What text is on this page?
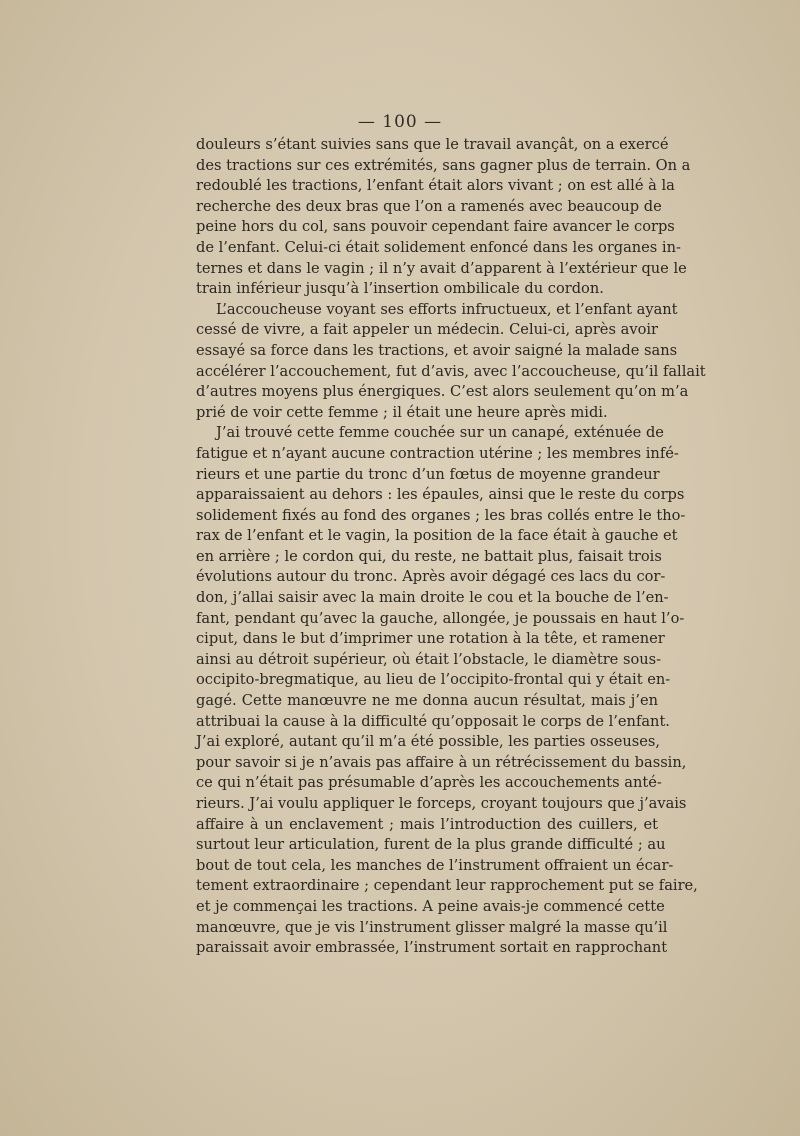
— 100 —
douleurs s’étant suivies sans que le travail avançât, on a exercé
des tractions sur ces extrémités, sans gagner plus de terrain. On a
redoublé les tractions, l’enfant était alors vivant ; on est allé à la
recherche des deux bras que l’on a ramenés avec beaucoup de
peine hors du col, sans pouvoir cependant faire avancer le corps
de l’enfant. Celui-ci était solidement enfoncé dans les organes in-
ternes et dans le vagin ; il n’y avait d’apparent à l’extérieur que le
train inférieur jusqu’à l’insertion ombilicale du cordon.
L’accoucheuse voyant ses efforts infructueux, et l’enfant ayant
cessé de vivre, a fait appeler un médecin. Celui-ci, après avoir
essayé sa force dans les tractions, et avoir saigné la malade sans
accélérer l’accouchement, fut d’avis, avec l’accoucheuse, qu’il fallait
d’autres moyens plus énergiques. C’est alors seulement qu’on m’a
prié de voir cette femme ; il était une heure après midi.
J’ai trouvé cette femme couchée sur un canapé, exténuée de
fatigue et n’ayant aucune contraction utérine ; les membres infé-
rieurs et une partie du tronc d’un fœtus de moyenne grandeur
apparaissaient au dehors : les épaules, ainsi que le reste du corps
solidement fixés au fond des organes ; les bras collés entre le tho-
rax de l’enfant et le vagin, la position de la face était à gauche et
en arrière ; le cordon qui, du reste, ne battait plus, faisait trois
évolutions autour du tronc. Après avoir dégagé ces lacs du cor-
don, j’allai saisir avec la main droite le cou et la bouche de l’en-
fant, pendant qu’avec la gauche, allongée, je poussais en haut l’o-
ciput, dans le but d’imprimer une rotation à la tête, et ramener
ainsi au détroit supérieur, où était l’obstacle, le diamètre sous-
occipito-bregmatique, au lieu de l’occipito-frontal qui y était en-
gagé. Cette manœuvre ne me donna aucun résultat, mais j’en
attribuai la cause à la difficulté qu’opposait le corps de l’enfant.
J’ai exploré, autant qu’il m’a été possible, les parties osseuses,
pour savoir si je n’avais pas affaire à un rétrécissement du bassin,
ce qui n’était pas présumable d’après les accouchements anté-
rieurs. J’ai voulu appliquer le forceps, croyant toujours que j’avais
affaire à un enclavement ; mais l’introduction des cuillers, et
surtout leur articulation, furent de la plus grande difficulté ; au
bout de tout cela, les manches de l’instrument offraient un écar-
tement extraordinaire ; cependant leur rapprochement put se faire,
et je commençai les tractions. A peine avais-je commencé cette
manœuvre, que je vis l’instrument glisser malgré la masse qu’il
paraissait avoir embrassée, l’instrument sortait en rapprochant
